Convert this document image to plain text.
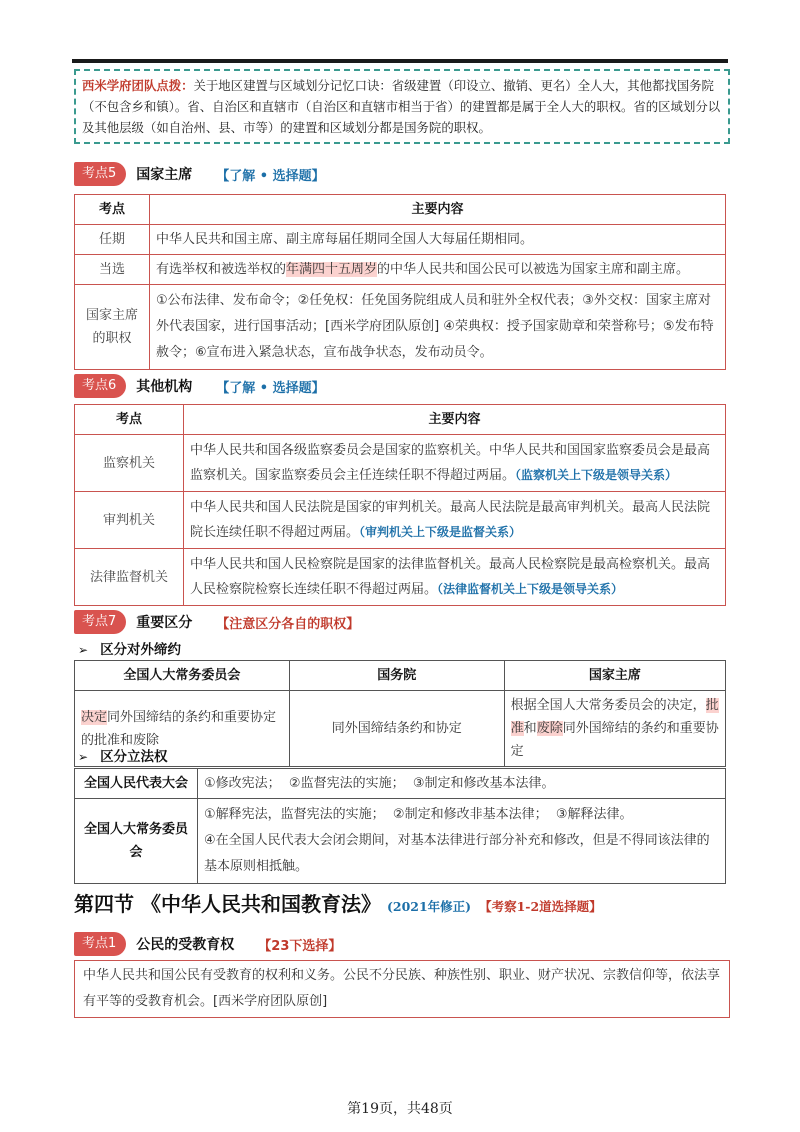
西米学府团队点拨：关于地区建置与区域划分记忆口诀：省级建置（印设立、撤销、更名）全人大，其他都找国务院（不包含乡和镇）。省、自治区和直辖市（自治区和直辖市相当于省）的建置都是属于全人大的职权。省的区域划分以及其他层级（如自治州、县、市等）的建置和区域划分都是国务院的职权。
考点5	国家主席 【了解 • 选择题】
考点	主要内容
任期	中华人民共和国主席、副主席每届任期同全国人大每届任期相同。
当选	有选举权和被选举权的年满四十五周岁的中华人民共和国公民可以被选为国家主席和副主席。
国家主席的职权	①公布法律、发布命令；②任免权：任免国务院组成人员和驻外全权代表；③外交权：国家主席对外代表国家，进行国事活动；[西米学府团队原创] ④荣典权：授予国家勋章和荣誉称号；⑤发布特赦令；⑥宣布进入紧急状态，宣布战争状态，发布动员令。
考点6	其他机构 【了解 • 选择题】
考点	主要内容
监察机关	中华人民共和国各级监察委员会是国家的监察机关。中华人民共和国国家监察委员会是最高监察机关。国家监察委员会主任连续任职不得超过两届。（监察机关上下级是领导关系）
审判机关	中华人民共和国人民法院是国家的审判机关。最高人民法院是最高审判机关。最高人民法院院长连续任职不得超过两届。（审判机关上下级是监督关系）
法律监督机关	中华人民共和国人民检察院是国家的法律监督机关。最高人民检察院是最高检察机关。最高人民检察院检察长连续任职不得超过两届。（法律监督机关上下级是领导关系）
考点7	重要区分 【注意区分各自的职权】
➢ 区分对外缔约
全国人大常务委员会	国务院	国家主席
决定同外国缔结的条约和重要协定的批准和废除	同外国缔结条约和协定	根据全国人大常务委员会的决定，批准和废除同外国缔结的条约和重要协定
➢ 区分立法权
全国人民代表大会	①修改宪法；  ②监督宪法的实施；  ③制定和修改基本法律。
全国人大常务委员会	①解释宪法，监督宪法的实施；  ②制定和修改非基本法律；  ③解释法律。
④在全国人民代表大会闭会期间，对基本法律进行部分补充和修改，但是不得同该法律的基本原则相抵触。
第四节 《中华人民共和国教育法》 (2021年修正) 【考察1-2道选择题】
考点1	公民的受教育权 【23下选择】
中华人民共和国公民有受教育的权利和义务。公民不分民族、种族性别、职业、财产状况、宗教信仰等，依法享有平等的受教育机会。[西米学府团队原创]
第19页，共48页
